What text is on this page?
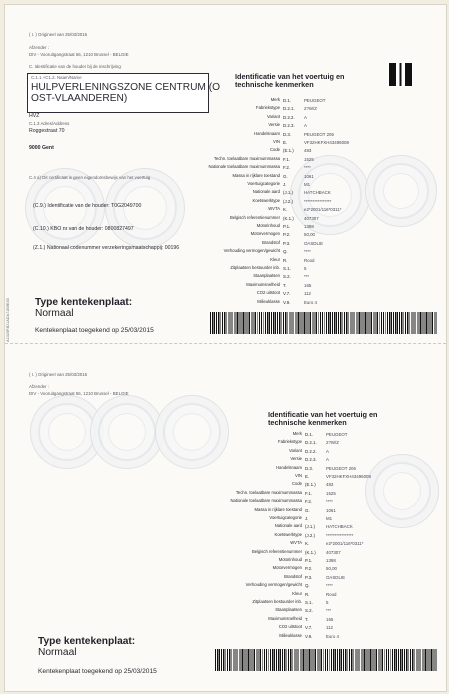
( I. ) Origineel van 25/03/2015
Afzender :
DIV - Vooruitgangstraat 56, 1210 Brussel - BELGIE
C. Identificatie van de houder bij de inschrijving
C.1.1.+C1.2. Naam/Name
HULPVERLENINGSZONE CENTRUM (O
OST-VLAANDEREN)
HVZ
C.1.3 Adres/Address
Roggestraat 70
9000 Gent
C.4 a) Dit certificaat is geen eigendomsbewijs van het voertuig
(C.9.) Identificatie van de houder: T0G2049700
(C.10.) KBO nr van de houder: 0800827497
(Z.1.) Nationaal codenummer verzekeringsmaatschappij: 00196
Identificatie van het voertuig en technische kenmerken
Merk D.1.	PEUGEOT
Fabriekstype D.2.1. 2?W/Z
Variant D.2.2. A
Versie D.2.3. A
Handelsnaam D.3.	PEUGEOT 206
VIN E.	VF32HKFXH43496008
Code (E.1.) 483
Techn. toelaatbare maximummassa F.1.	1525
Nationale toelaatbare maximummassa F.2.	****
Massa in rijklare toestand G.	1061
Voertuigcategorie J.	M1
Nationale aard (J.1.) HATCHBACK
Koetswerktype (J.2.) ****************
WVTA K.	e2*2001/116*0311*
Belgisch referentienummer (K.1.) 407307
Motorinhoud P.1.	1398
Motorvermogen P.2.	50,00
Brandstof P.3.	OASDLIE
Verhouding vermogen/gewicht Q.	****
Kleur R.	Rood
Zitplaatsen bestuurder inb. S.1.	5
Staanplaatsen S.2.	***
Maximumsnelheid T.	165
CO2 uitstoot V.7.	112
Milieuklasse V.9.	Euro 4
Type kentekenplaat:
Normaal
Kentekenplaat toegekend op 25/03/2015
A1020F3D1ADA71B9E45
( I. ) Origineel van 25/03/2015
Afzender :
DIV - Vooruitgangstraat 56, 1210 Brussel - BELGIE
Identificatie van het voertuig en technische kenmerken
Merk D.1.	PEUGEOT
Fabriekstype D.2.1. 2?W/Z
Variant D.2.2. A
Versie D.2.3. A
Handelsnaam D.3.	PEUGEOT 206
VIN E.	VF32HKFXH43496008
Code (E.1.) 483
Techn. toelaatbare maximummassa F.1.	1525
Nationale toelaatbare maximummassa F.2.	****
Massa in rijklare toestand G.	1061
Voertuigcategorie J.	M1
Nationale aard (J.1.) HATCHBACK
Koetswerktype (J.2.) ****************
WVTA K.	e2*2001/116*0311*
Belgisch referentienummer (K.1.) 407307
Motorinhoud P.1.	1398
Motorvermogen P.2.	50,00
Brandstof P.3.	OASDLIE
Verhouding vermogen/gewicht Q.	****
Kleur R.	Rood
Zitplaatsen bestuurder inb. S.1.	5
Staanplaatsen S.2.	***
Maximumsnelheid T.	165
CO2 uitstoot V.7.	112
Milieuklasse V.9.	Euro 4
Type kentekenplaat:
Normaal
Kentekenplaat toegekend op 25/03/2015
